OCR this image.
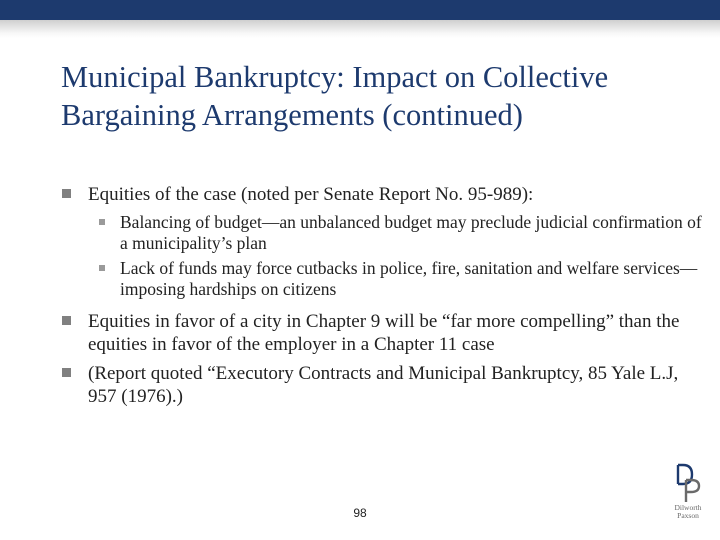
Municipal Bankruptcy: Impact on Collective Bargaining Arrangements (continued)
Equities of the case (noted per Senate Report No. 95-989):
Balancing of budget—an unbalanced budget may preclude judicial confirmation of a municipality’s plan
Lack of funds may force cutbacks in police, fire, sanitation and welfare services—imposing hardships on citizens
Equities in favor of a city in Chapter 9 will be “far more compelling” than the equities in favor of the employer in a Chapter 11 case
(Report quoted “Executory Contracts and Municipal Bankruptcy, 85 Yale L.J, 957 (1976).)
98	Dilworth
Paxson
